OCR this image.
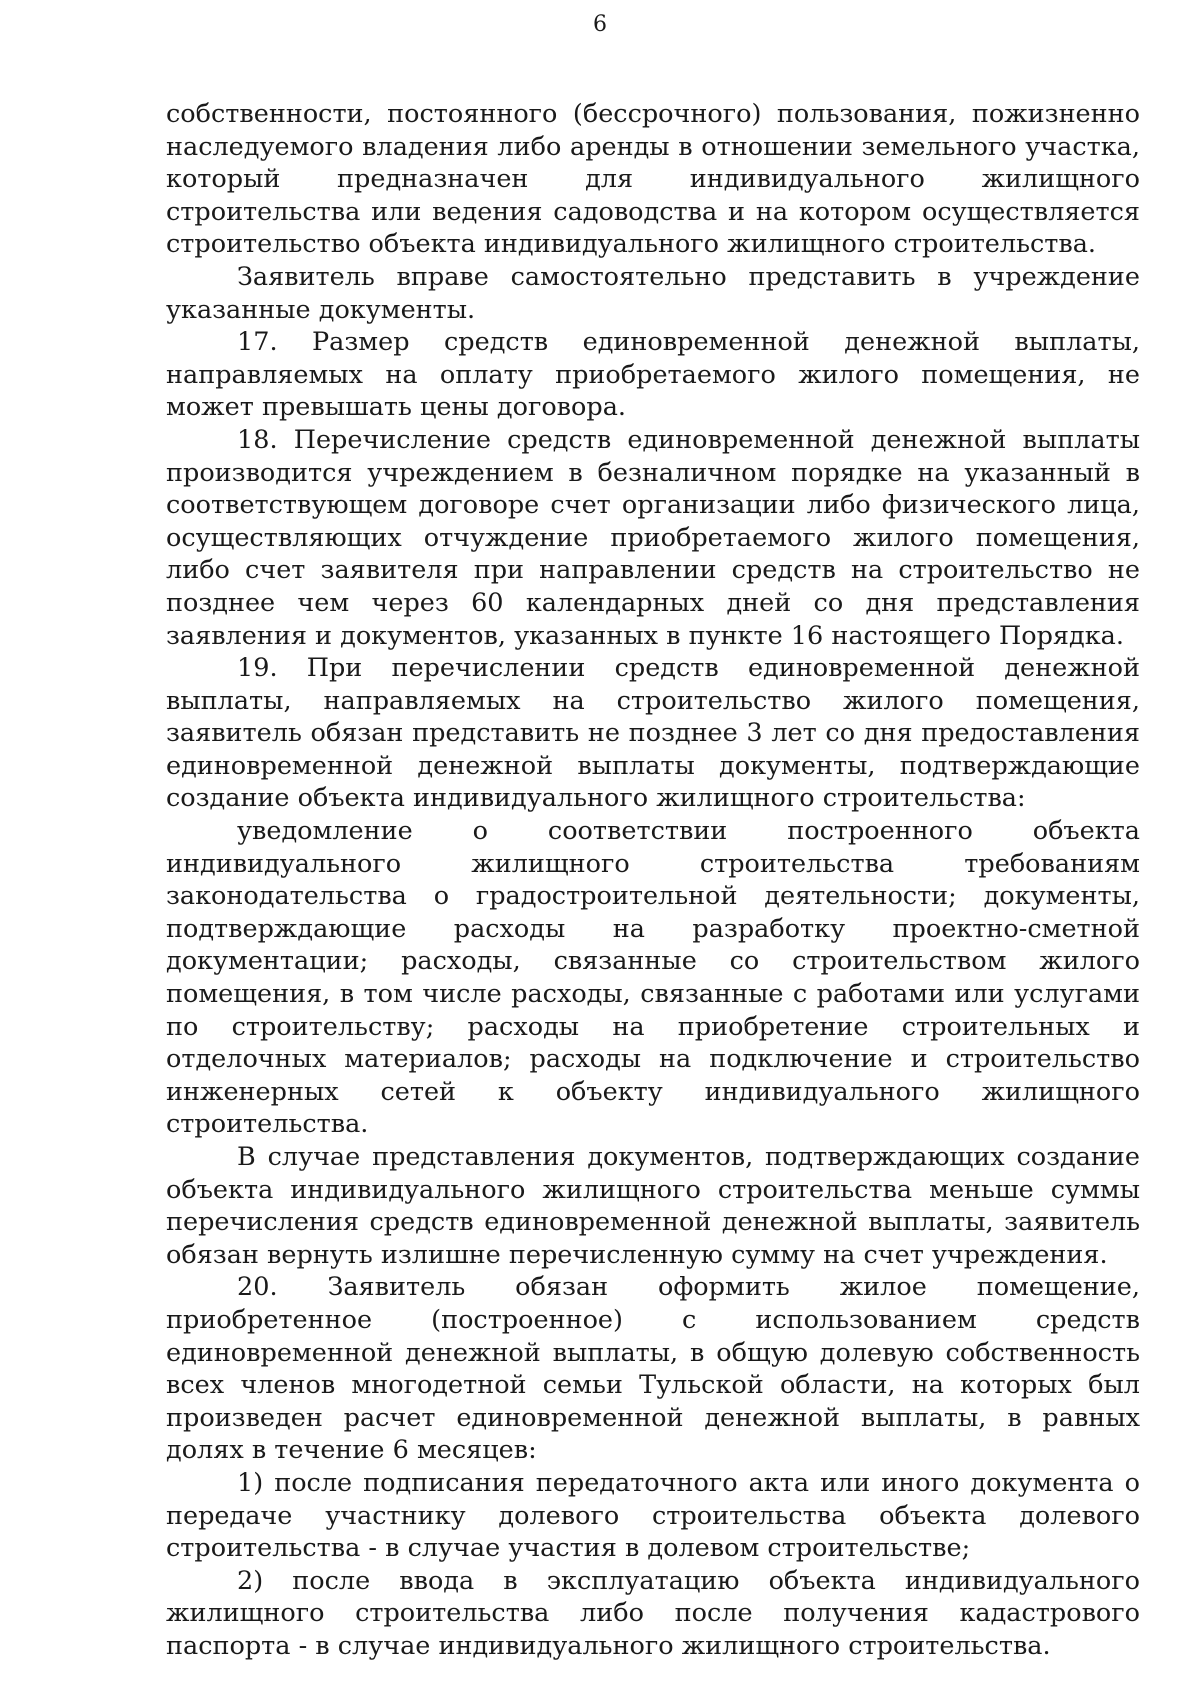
6

собственности, постоянного (бессрочного) пользования, пожизненно наследуемого владения либо аренды в отношении земельного участка, который предназначен для индивидуального жилищного строительства или ведения садоводства и на котором осуществляется строительство объекта индивидуального жилищного строительства.

Заявитель вправе самостоятельно представить в учреждение указанные документы.

17. Размер средств единовременной денежной выплаты, направляемых на оплату приобретаемого жилого помещения, не может превышать цены договора.

18. Перечисление средств единовременной денежной выплаты производится учреждением в безналичном порядке на указанный в соответствующем договоре счет организации либо физического лица, осуществляющих отчуждение приобретаемого жилого помещения, либо счет заявителя при направлении средств на строительство не позднее чем через 60 календарных дней со дня представления заявления и документов, указанных в пункте 16 настоящего Порядка.

19. При перечислении средств единовременной денежной выплаты, направляемых на строительство жилого помещения, заявитель обязан представить не позднее 3 лет со дня предоставления единовременной денежной выплаты документы, подтверждающие создание объекта индивидуального жилищного строительства:

уведомление о соответствии построенного объекта индивидуального жилищного строительства требованиям законодательства о градостроительной деятельности; документы, подтверждающие расходы на разработку проектно-сметной документации; расходы, связанные со строительством жилого помещения, в том числе расходы, связанные с работами или услугами по строительству; расходы на приобретение строительных и отделочных материалов; расходы на подключение и строительство инженерных сетей к объекту индивидуального жилищного строительства.

В случае представления документов, подтверждающих создание объекта индивидуального жилищного строительства меньше суммы перечисления средств единовременной денежной выплаты, заявитель обязан вернуть излишне перечисленную сумму на счет учреждения.

20. Заявитель обязан оформить жилое помещение, приобретенное (построенное) с использованием средств единовременной денежной выплаты, в общую долевую собственность всех членов многодетной семьи Тульской области, на которых был произведен расчет единовременной денежной выплаты, в равных долях в течение 6 месяцев:

1) после подписания передаточного акта или иного документа о передаче участнику долевого строительства объекта долевого строительства - в случае участия в долевом строительстве;

2) после ввода в эксплуатацию объекта индивидуального жилищного строительства либо после получения кадастрового паспорта - в случае индивидуального жилищного строительства.
